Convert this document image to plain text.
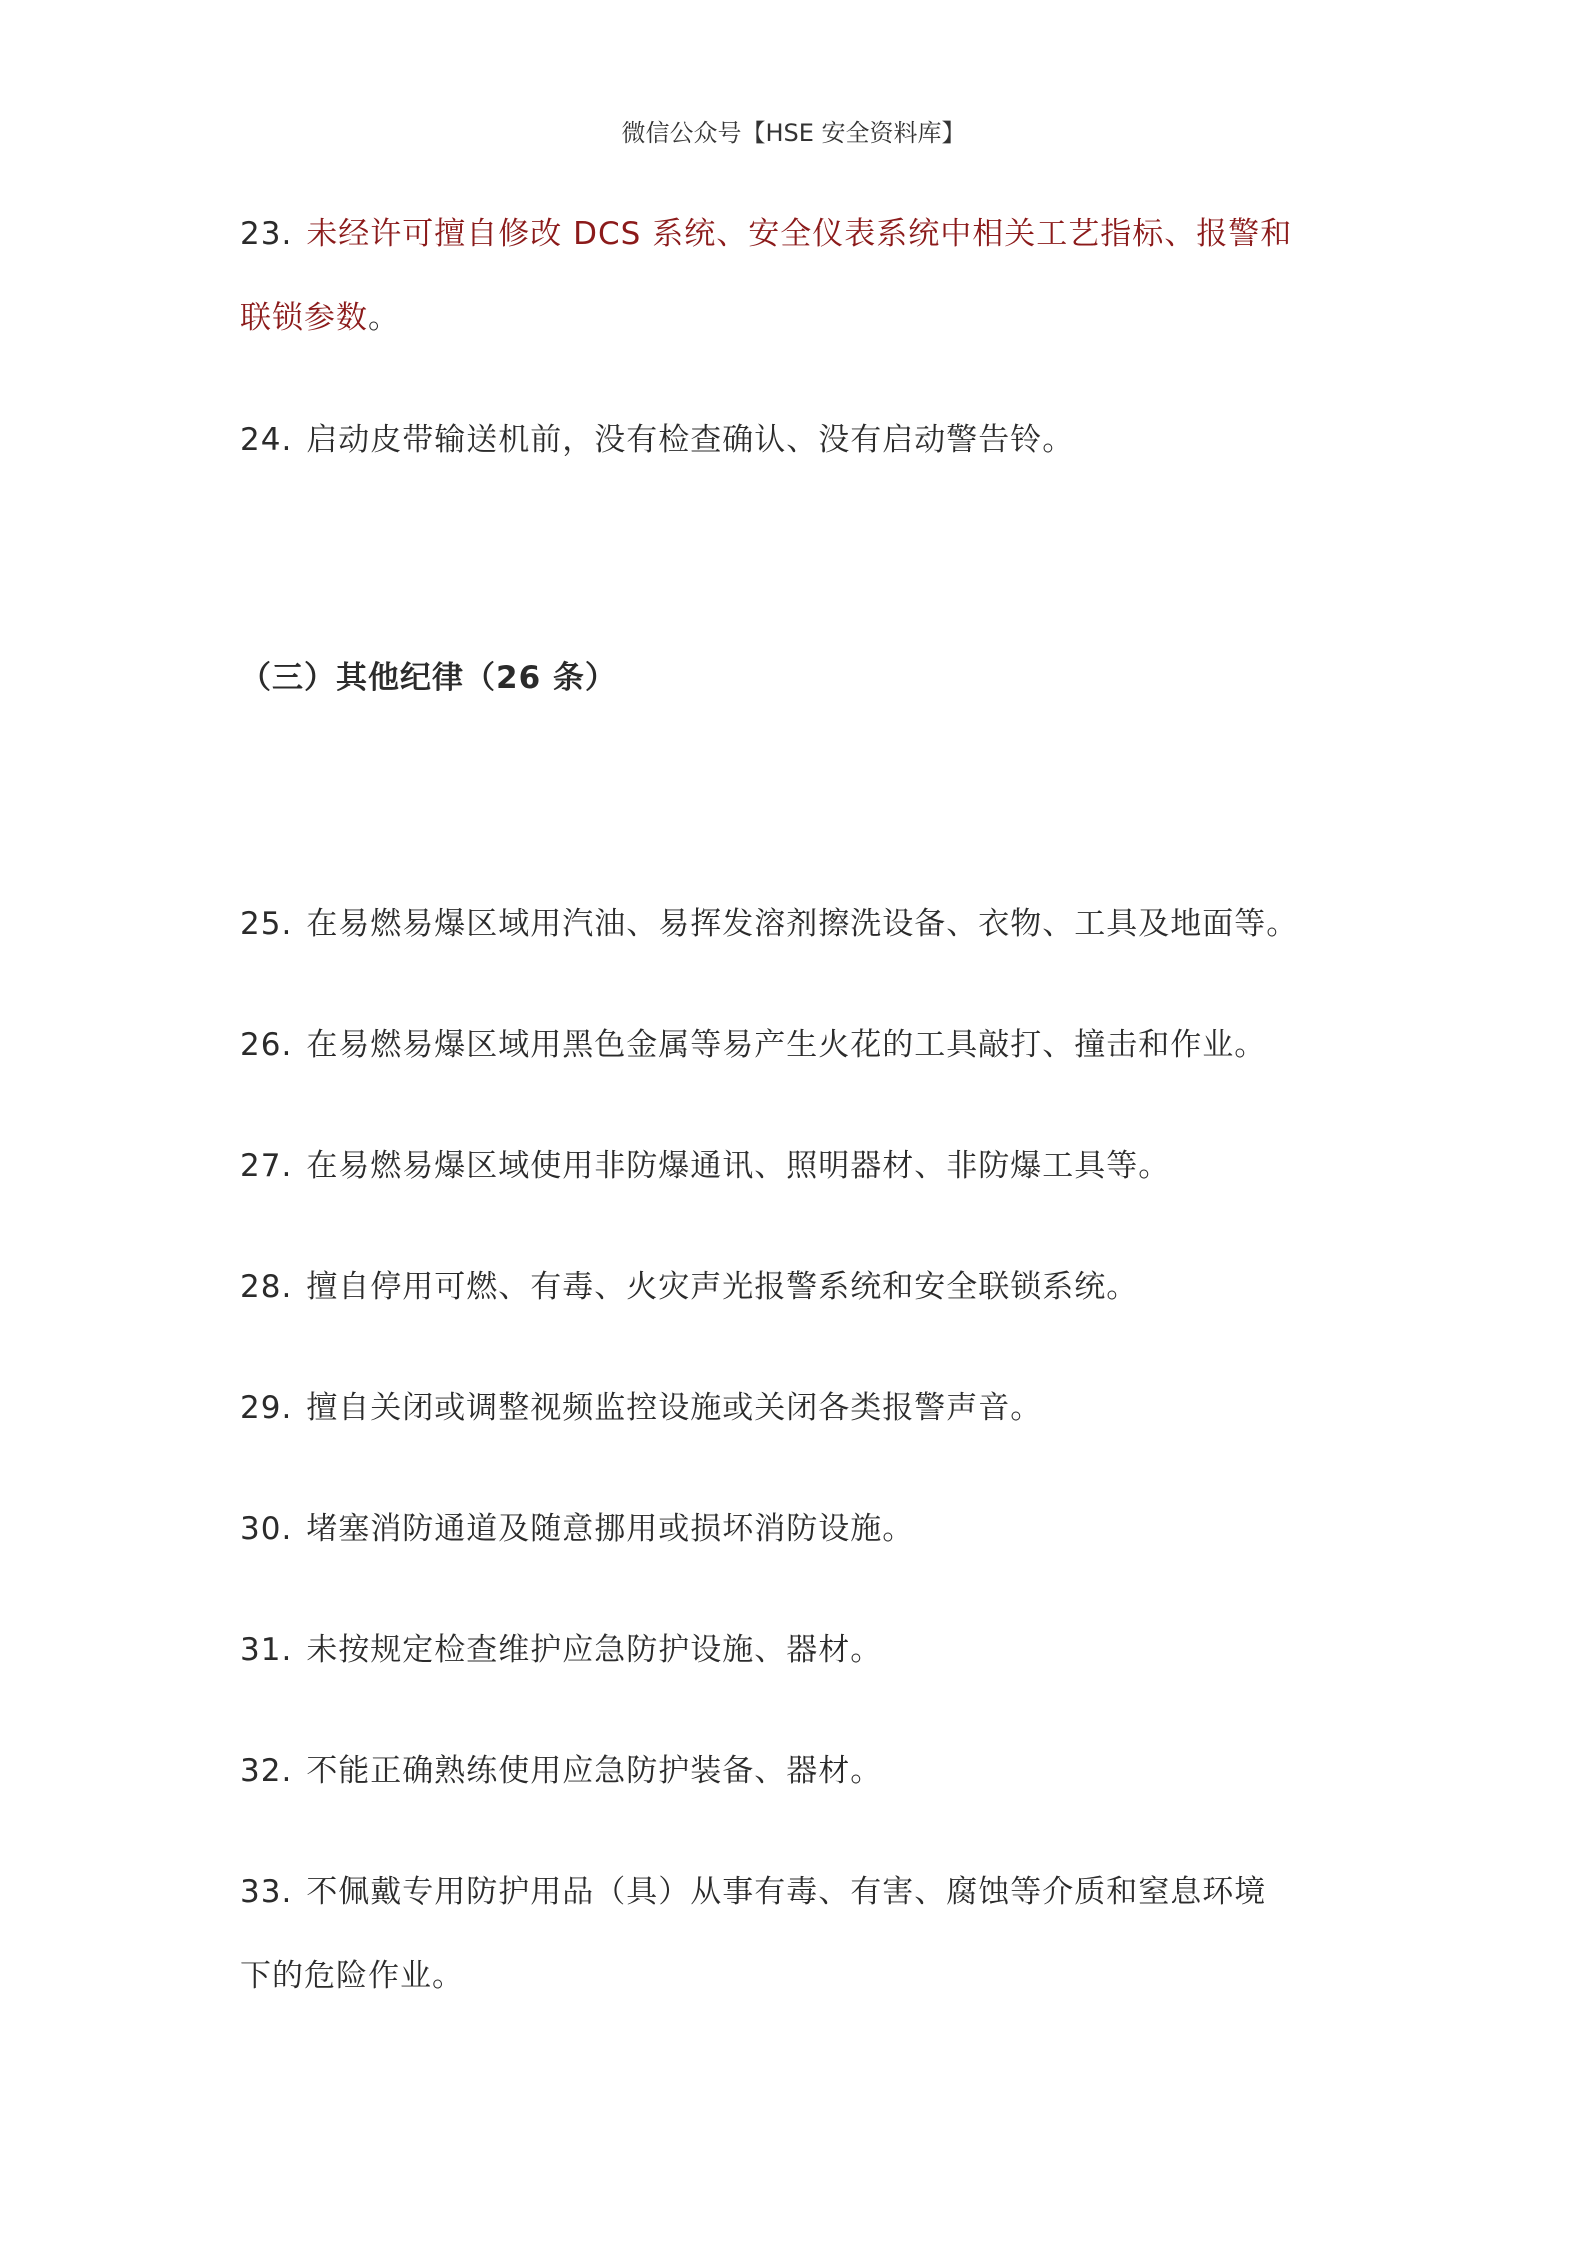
微信公众号【HSE 安全资料库】
23. 未经许可擅自修改 DCS 系统、安全仪表系统中相关工艺指标、报警和
联锁参数。
24. 启动皮带输送机前，没有检查确认、没有启动警告铃。
（三）其他纪律（26 条）
25. 在易燃易爆区域用汽油、易挥发溶剂擦洗设备、衣物、工具及地面等。
26. 在易燃易爆区域用黑色金属等易产生火花的工具敲打、撞击和作业。
27. 在易燃易爆区域使用非防爆通讯、照明器材、非防爆工具等。
28. 擅自停用可燃、有毒、火灾声光报警系统和安全联锁系统。
29. 擅自关闭或调整视频监控设施或关闭各类报警声音。
30. 堵塞消防通道及随意挪用或损坏消防设施。
31. 未按规定检查维护应急防护设施、器材。
32. 不能正确熟练使用应急防护装备、器材。
33. 不佩戴专用防护用品（具）从事有毒、有害、腐蚀等介质和窒息环境
下的危险作业。
